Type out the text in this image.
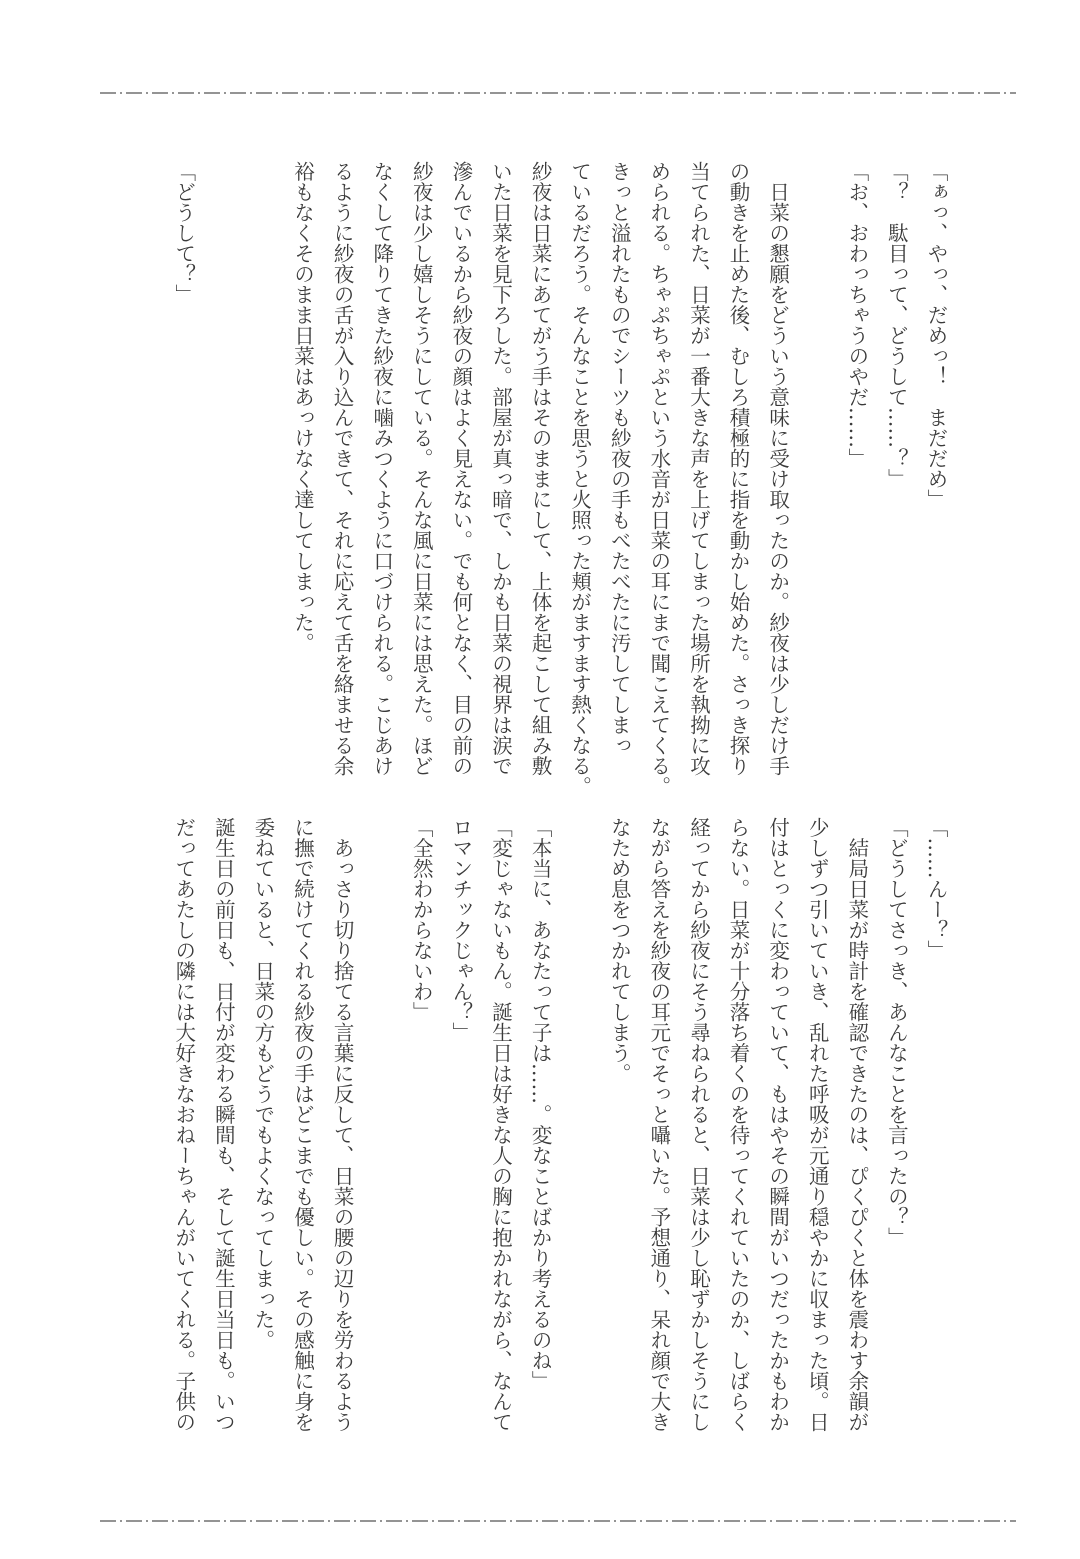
「ぁっ、やっ、だめっ！　まだだめ」
「？　駄目って、どうして……？」
「お、おわっちゃうのやだ……」
　日菜の懇願をどういう意味に受け取ったのか。紗夜は少しだけ手
の動きを止めた後、むしろ積極的に指を動かし始めた。さっき探り
当てられた、日菜が一番大きな声を上げてしまった場所を執拗に攻
められる。ちゃぷちゃぷという水音が日菜の耳にまで聞こえてくる。
きっと溢れたものでシーツも紗夜の手もべたべたに汚してしまっ
ているだろう。そんなことを思うと火照った頬がますます熱くなる。
紗夜は日菜にあてがう手はそのままにして、上体を起こして組み敷
いた日菜を見下ろした。部屋が真っ暗で、しかも日菜の視界は涙で
滲んでいるから紗夜の顔はよく見えない。でも何となく、目の前の
紗夜は少し嬉しそうにしている。そんな風に日菜には思えた。ほど
なくして降りてきた紗夜に噛みつくように口づけられる。こじあけ
るように紗夜の舌が入り込んできて、それに応えて舌を絡ませる余
裕もなくそのまま日菜はあっけなく達してしまった。
「どうして？」
「……んー？」
「どうしてさっき、あんなことを言ったの？」
　結局日菜が時計を確認できたのは、ぴくぴくと体を震わす余韻が
少しずつ引いていき、乱れた呼吸が元通り穏やかに収まった頃。日
付はとっくに変わっていて、もはやその瞬間がいつだったかもわか
らない。日菜が十分落ち着くのを待ってくれていたのか、しばらく
経ってから紗夜にそう尋ねられると、日菜は少し恥ずかしそうにし
ながら答えを紗夜の耳元でそっと囁いた。予想通り、呆れ顔で大き
なため息をつかれてしまう。
「本当に、あなたって子は……。変なことばかり考えるのね」
「変じゃないもん。誕生日は好きな人の胸に抱かれながら、なんて
ロマンチックじゃん？」
「全然わからないわ」
　あっさり切り捨てる言葉に反して、日菜の腰の辺りを労わるよう
に撫で続けてくれる紗夜の手はどこまでも優しい。その感触に身を
委ねていると、日菜の方もどうでもよくなってしまった。
誕生日の前日も、日付が変わる瞬間も、そして誕生日当日も。いつ
だってあたしの隣には大好きなおねーちゃんがいてくれる。子供の
